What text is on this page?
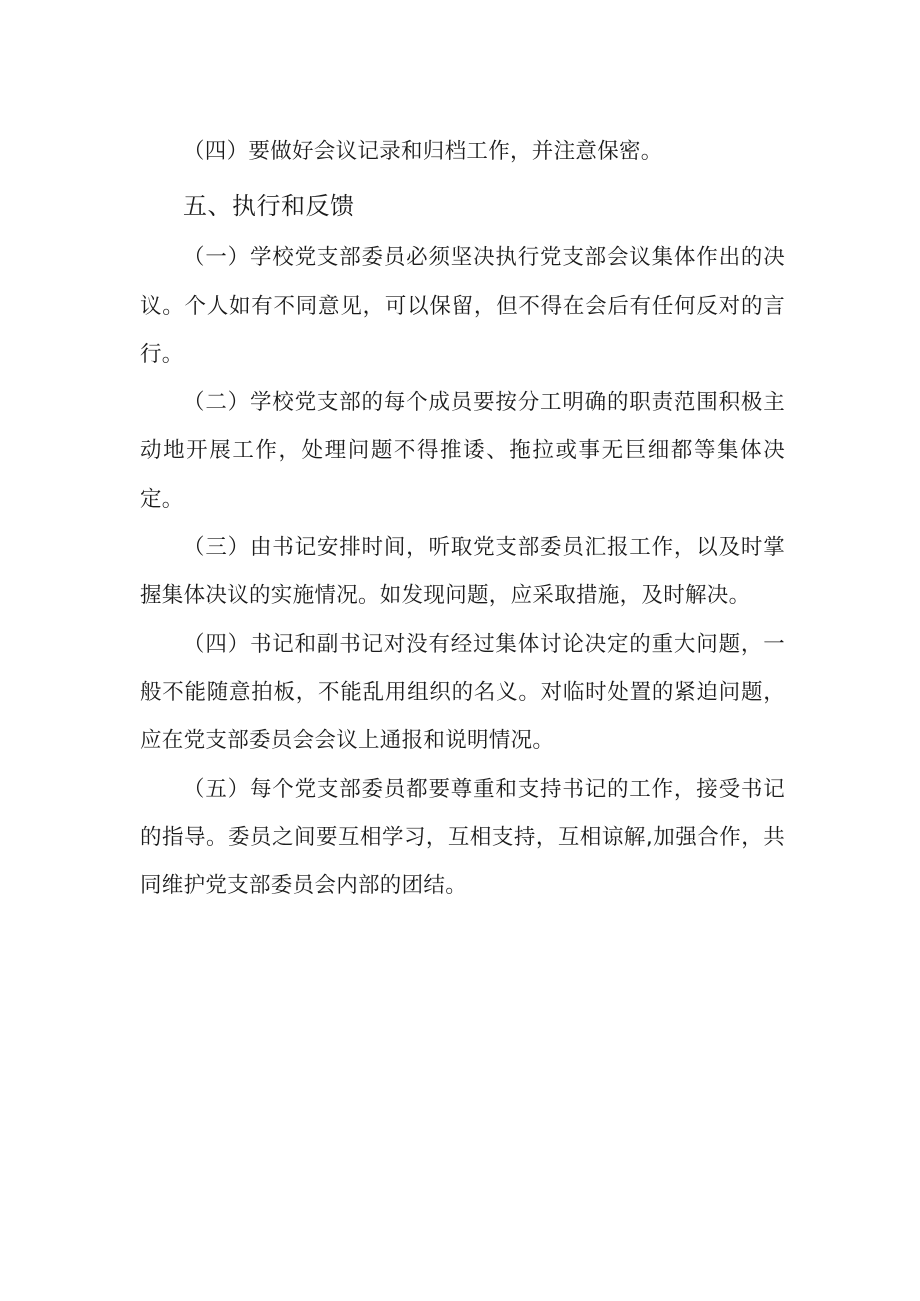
（四）要做好会议记录和归档工作，并注意保密。

五、执行和反馈

（一）学校党支部委员必须坚决执行党支部会议集体作出的决议。个人如有不同意见，可以保留，但不得在会后有任何反对的言行。

（二）学校党支部的每个成员要按分工明确的职责范围积极主动地开展工作，处理问题不得推诿、拖拉或事无巨细都等集体决定。

（三）由书记安排时间，听取党支部委员汇报工作，以及时掌握集体决议的实施情况。如发现问题，应采取措施，及时解决。

（四）书记和副书记对没有经过集体讨论决定的重大问题，一般不能随意拍板，不能乱用组织的名义。对临时处置的紧迫问题，应在党支部委员会会议上通报和说明情况。

（五）每个党支部委员都要尊重和支持书记的工作，接受书记的指导。委员之间要互相学习，互相支持，互相谅解,加强合作，共同维护党支部委员会内部的团结。
